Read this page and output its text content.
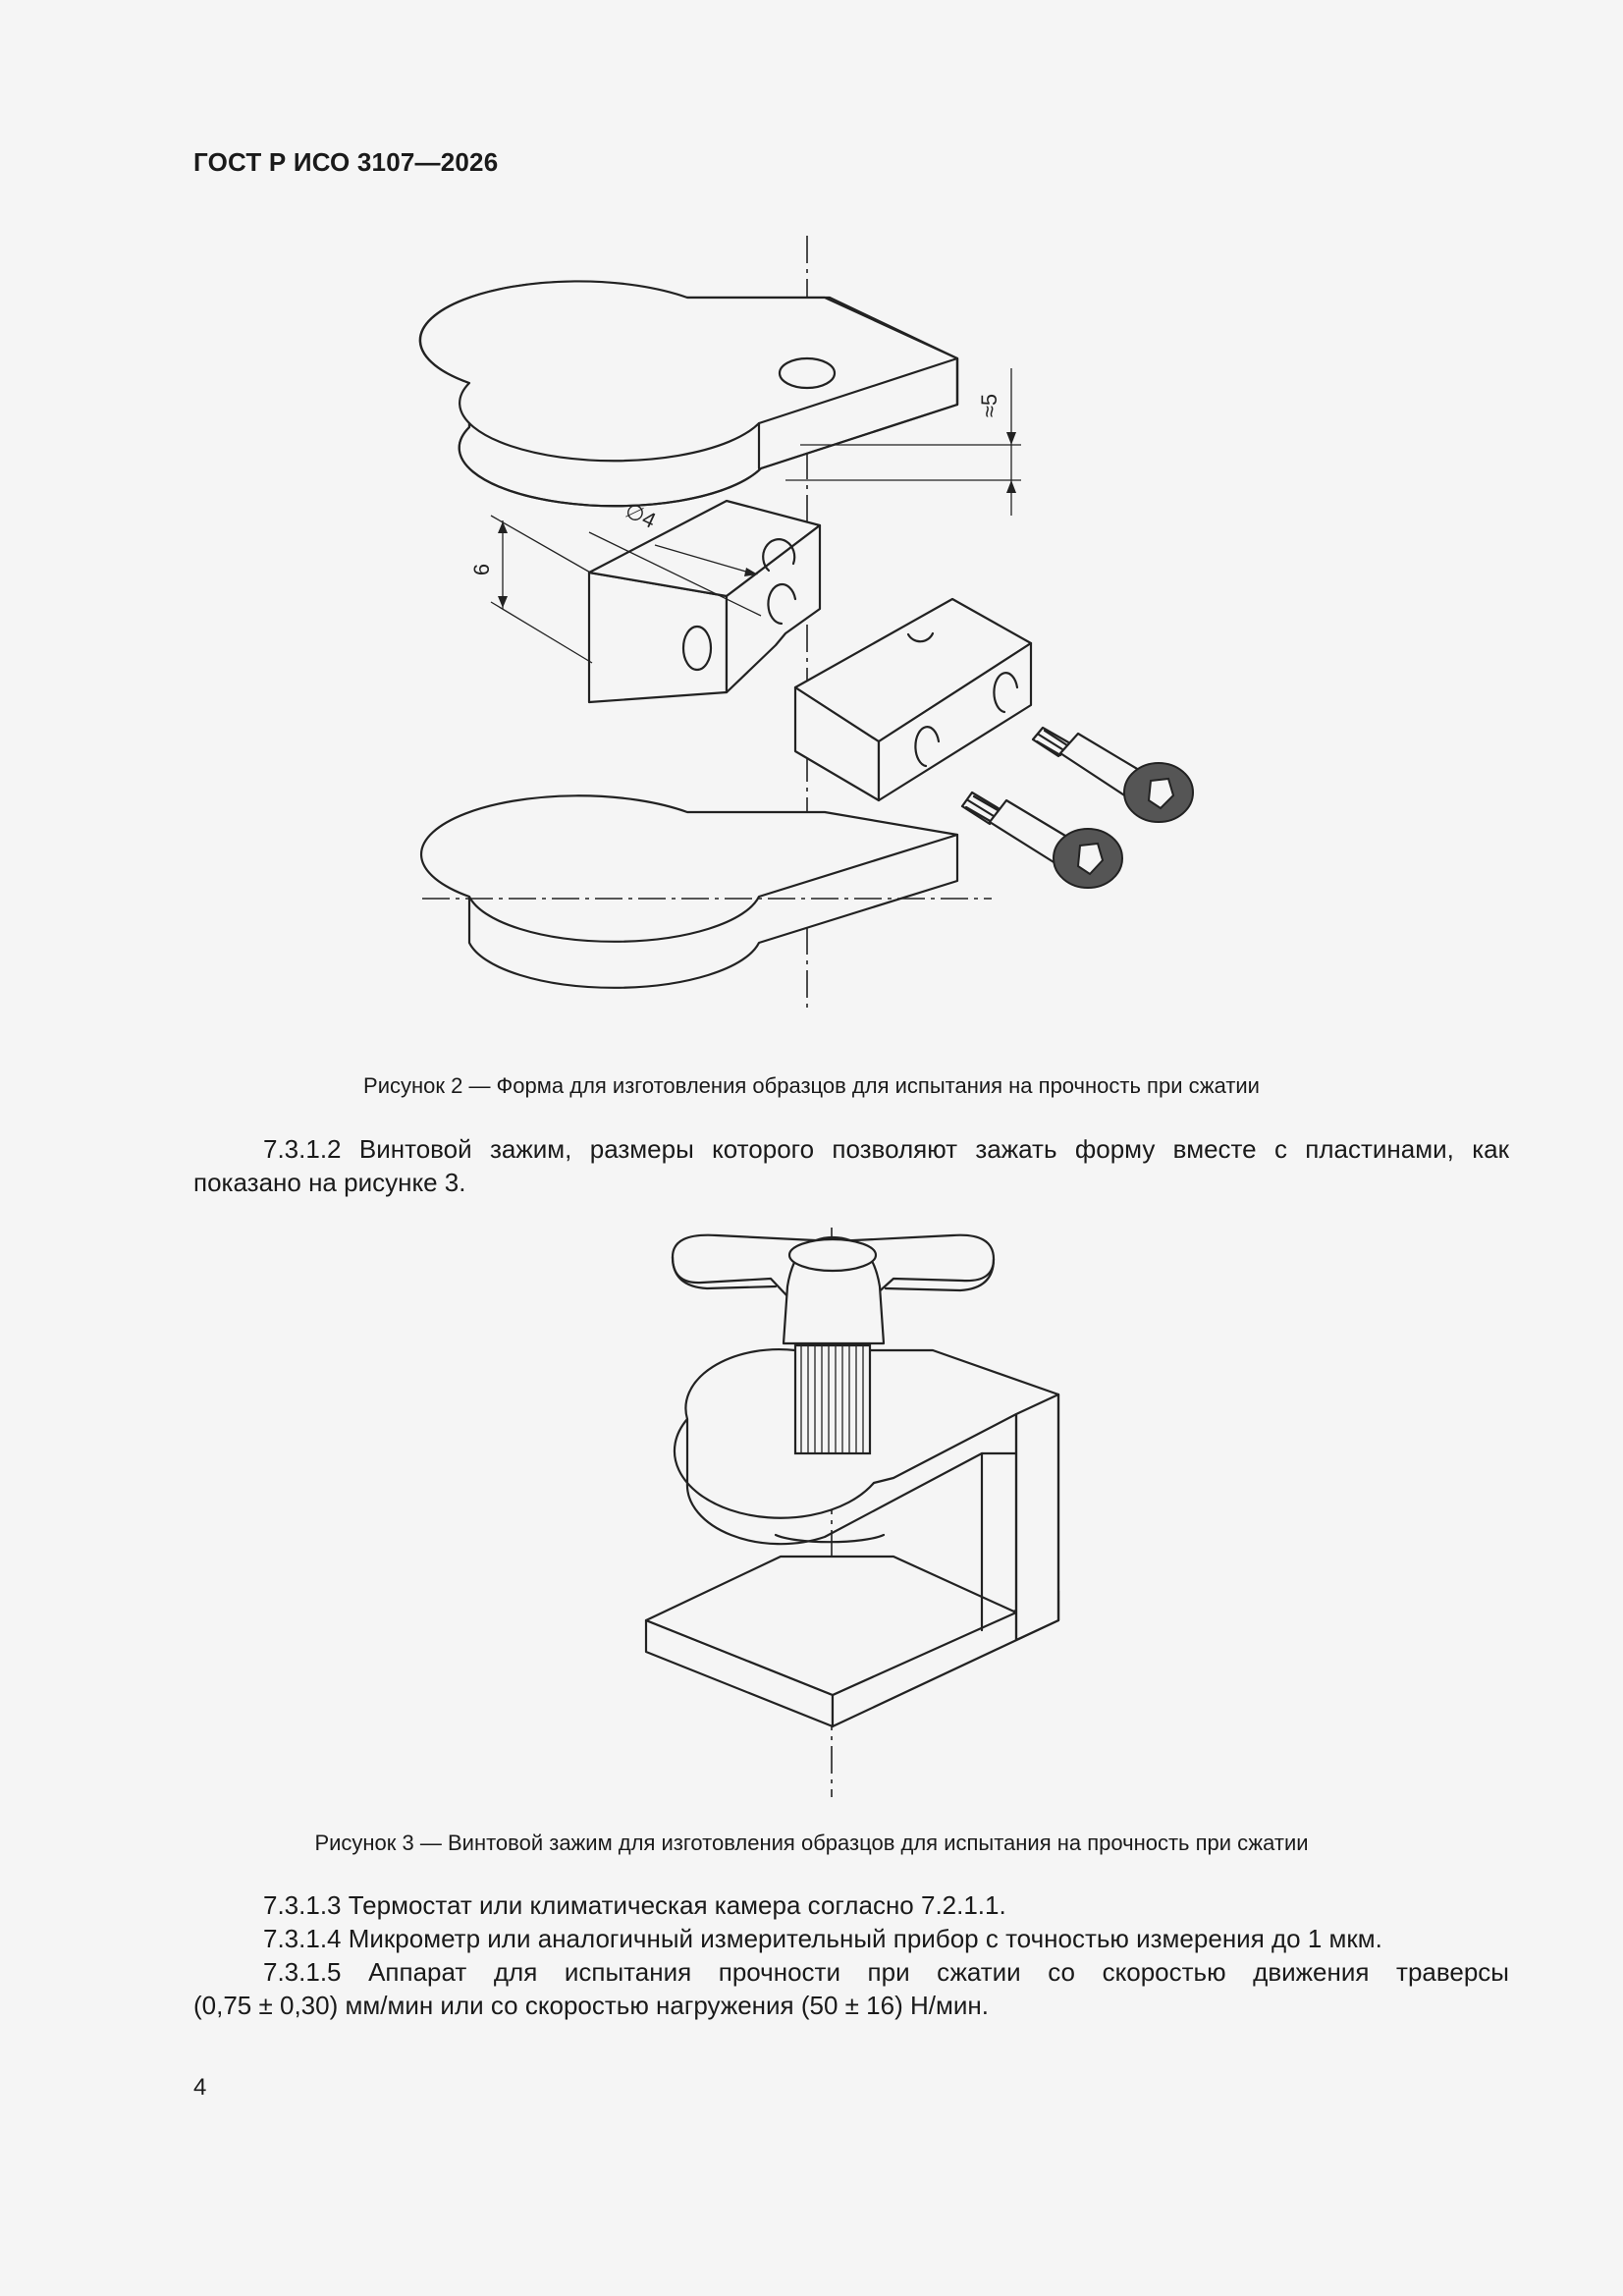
ГОСТ Р ИСО 3107—2026
≈5
∅4
6
Рисунок 2 — Форма для изготовления образцов для испытания на прочность при сжатии
7.3.1.2 Винтовой зажим, размеры которого позволяют зажать форму вместе с пластинами, как
показано на рисунке 3.
Рисунок 3 — Винтовой зажим для изготовления образцов для испытания на прочность при сжатии
7.3.1.3 Термостат или климатическая камера согласно 7.2.1.1.
7.3.1.4 Микрометр или аналогичный измерительный прибор с точностью измерения до 1 мкм.
7.3.1.5 Аппарат для испытания прочности при сжатии со скоростью движения траверсы
(0,75 ± 0,30) мм/мин или со скоростью нагружения (50 ± 16) Н/мин.
4
